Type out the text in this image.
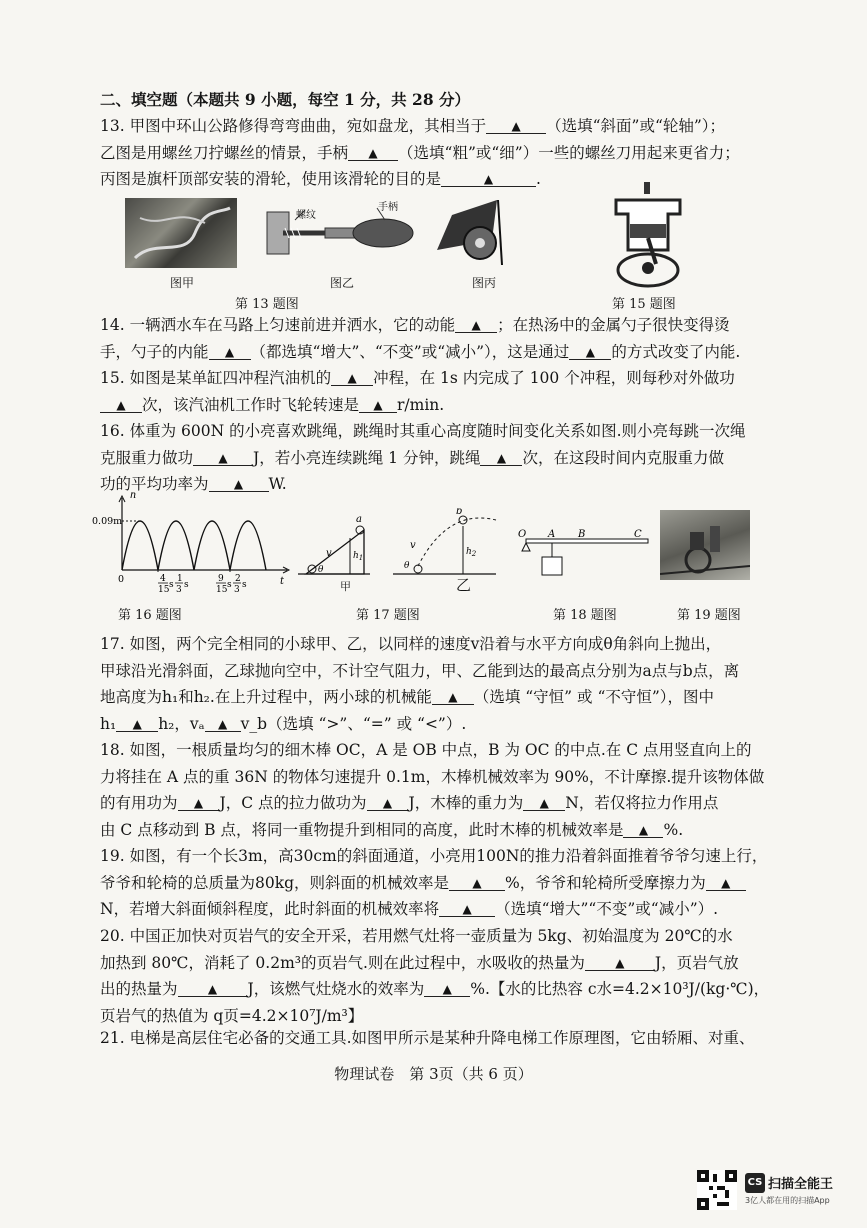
二、填空题（本题共 9 小题，每空 1 分，共 28 分）

13. 甲图中环山公路修得弯弯曲曲，宛如盘龙，其相当于 ▲ （选填“斜面”或“轮轴”）；

乙图是用螺丝刀拧螺丝的情景，手柄 ▲ （选填“粗”或“细”）一些的螺丝刀用起来更省力；

丙图是旗杆顶部安装的滑轮，使用该滑轮的目的是	▲	.

图甲
螺纹
手柄
图乙	图丙
第 13 题图	第 15 题图

14. 一辆洒水车在马路上匀速前进并洒水，它的动能 ▲ ；在热汤中的金属勺子很快变得烫

手，勺子的内能 ▲ （都选填“增大”、“不变”或“减小”），这是通过 ▲ 的方式改变了内能.

15. 如图是某单缸四冲程汽油机的 ▲ 冲程，在 1s 内完成了 100 个冲程，则每秒对外做功

▲ 次，该汽油机工作时飞轮转速是 ▲ r/min.

16. 体重为 600N 的小亮喜欢跳绳，跳绳时其重心高度随时间变化关系如图.则小亮每跳一次绳

克服重力做功 ▲ J，若小亮连续跳绳 1 分钟，跳绳 ▲ 次，在这段时间内克服重力做

功的平均功率为 ▲ W.

h
t
0.09m
0	4
15 s
1
3 s
9
15 s
2
3 s
第 16 题图
a
v
θ
$h_1$
b
v
θ
$h_2$
甲	乙
第 17 题图
O A B	C
第 18 题图	第 19 题图

17. 如图，两个完全相同的小球甲、乙，以同样的速度v沿着与水平方向成θ角斜向上抛出，

甲球沿光滑斜面，乙球抛向空中，不计空气阻力，甲、乙能到达的最高点分别为a点与b点，离

地高度为h₁和h₂.在上升过程中，两小球的机械能 ▲ （选填 “守恒” 或 “不守恒”），图中

h₁ ▲ h₂，vₐ ▲ v_b（选填 “>”、“=” 或 “<”）.

18. 如图，一根质量均匀的细木棒 OC，A 是 OB 中点，B 为 OC 的中点.在 C 点用竖直向上的

力将挂在 A 点的重 36N 的物体匀速提升 0.1m，木棒机械效率为 90%，不计摩擦.提升该物体做

的有用功为 ▲ J，C 点的拉力做功为 ▲ J，木棒的重力为 ▲ N，若仅将拉力作用点

由 C 点移动到 B 点，将同一重物提升到相同的高度，此时木棒的机械效率是 ▲ %.

19. 如图，有一个长3m，高30cm的斜面通道，小亮用100N的推力沿着斜面推着爷爷匀速上行，

爷爷和轮椅的总质量为80kg，则斜面的机械效率是 ▲ %，爷爷和轮椅所受摩擦力为 ▲

N，若增大斜面倾斜程度，此时斜面的机械效率将 ▲ （选填“增大”“不变”或“减小”）.

20. 中国正加快对页岩气的安全开采，若用燃气灶将一壶质量为 5kg、初始温度为 20℃的水

加热到 80℃，消耗了 0.2m³的页岩气.则在此过程中，水吸收的热量为	▲ J，页岩气放

出的热量为	▲ J，该燃气灶烧水的效率为 ▲ %.【水的比热容 c水=4.2×10³J/(kg·℃)，

页岩气的热值为 q页=4.2×10⁷J/m³】

21. 电梯是高层住宅必备的交通工具.如图甲所示是某种升降电梯工作原理图，它由轿厢、对重、

物理试卷　第 3页（共 6 页）
CS 扫描全能王
3亿人都在用的扫描App
